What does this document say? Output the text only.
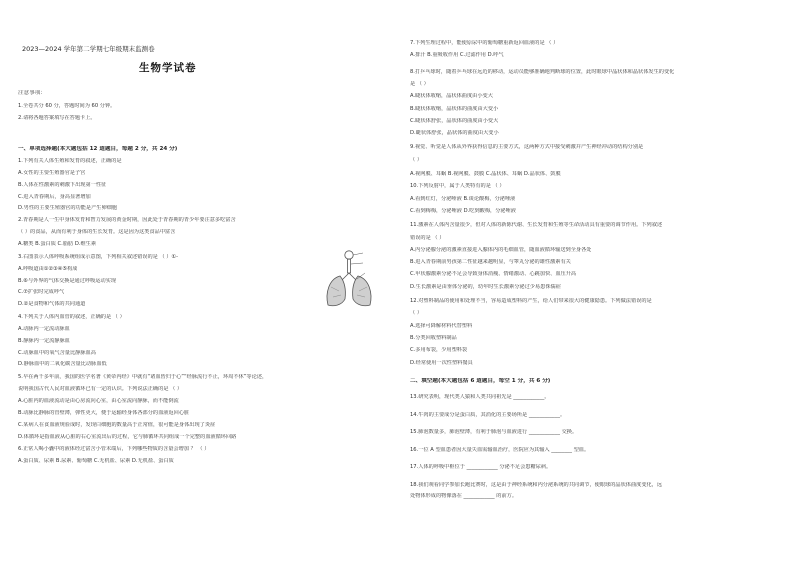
2023—2024 学年第二学期七年级期末监测卷
生物学试卷
注意事项：
1.全卷共分 60 分，答题时间为 60 分钟。
2.请将各题答案填写在答题卡上。
一、单项选择题(本大题包括 12 道题目，每题 2 分，共 24 分)
1.下列有关人体生殖和发育的叙述，正确的是
A.女性的主要生殖器官是子宫
B.人体在性激素的刺激下出现第一性征
C.进入青春期后，身高显著增加
D.男性的主要生殖器官的功能是产生卵细胞
2.青春期是人一生中身体发育和智力发展的黄金时期，因此处于青春期的青少年要注意多吃富含
（ ）的食品，从而有利于身体的生长发育。这是因为这类食品中富含
A.糖类 B.蛋白质 C.脂肪 D.维生素
3.右图表示人体呼吸系统组成示意图，下列相关叙述错误的是 （ ）①-
A.呼吸道由①②③④⑤构成
B.⑥与外界的气体交换是通过呼吸运动实现
C.⑦扩张时完成呼气
D.②是食物和气体的共同通道
4.下列关于人体内血管的叙述，正确的是 （ ）
A.动脉内一定流动脉血
B.静脉内一定流静脉血
C.动脉血中的氧气含量比静脉血高
D.静脉血中的二氧化碳含量比动脉血低
5.早在两千多年前，我国的医学名著《黄帝内经》中就有“诸血皆归于心”“经脉流行不止，环周不休”等论述，
说明我国古代人民对血液循环已有一定的认识。下列说法正确的是 （ ）
A.心脏内的血液流动是由心房流向心室，由心室流向静脉，而不能倒流
B.动脉比静脉的管壁薄，弹性更大，便于运输经身体各部分的血液返回心脏
C.某病人在食血液规验成时，发现白细胞的数量高于正常值，很可能是身体出现了炎症
D.体循环是指血液从心脏的右心室流出后的过程，它与肺循环共同组成一个完整的血液循环回路
6.正常人喝小囊中的液体经过富含小管末端后，下列哪些物质的含量会增加 ？ （ ）
A.蛋白质、尿素 B.尿素、葡萄糖 C.无机盐、尿素 D.无机盐、蛋白质
7.下列生理过程中，能使原尿中的葡萄糖重新返回血液的是 （ ）
A.排汗 B.重吸收作用 C.过滤作用 D.呼气
8.打乒乓球时，随着乒乓球在远近的移动，运动员能够准确地判断球的位置，此时眼球中晶状体和晶状体发生的变化
是 （ ）
A.睫状体收缩，晶状体曲度由小变大
B.睫状体收缩，晶状体的曲度由大变小
C.睫状体舒张，晶状体的曲度由小变大
D.睫状体舒张，晶状体的曲度由大变小
9.视觉、听觉是人体从外界获得信息的主要方式，这两种方式中接受刺激并产生神经冲动的结构分别是
（ ）
A.视网膜、耳蜗 B.视网膜、鼓膜 C.晶状体、耳蜗 D.晶状体、鼓膜
10.下列反射中，属于人类特有的是 （ ）
A.看到红灯，分泌唾液 B.谈论酸梅，分泌唾液
C.看到梅梅，分泌唾液 D.吃到酸梅，分泌唾液
11.激素在人体内含量很少，但对人体的新陈代谢、生长发育和生殖等生命活动具有重要的调节作用。下列叙述
错误的是 （ ）
A.内分泌腺分泌的激素直接进入腺体内的毛细血管，随血液循环输送到全身各处
B.进入青春期前男孩第二性征越来越明显，与睾丸分泌的雄性激素有关
C.甲状腺激素分泌不足会导致身体消瘦、情绪激动、心跳加快、血压升高
D.生长激素是由垂体分泌的，幼年时生长激素分泌过少易患侏儒症
12.对塑料制品的使用和处理不当，容易造成塑料的产生，给人们带来很大的健康隐患。下列做法错误的是
（ ）
A.选择可降解材料代替塑料
B.分类回收塑料制品
C.多用布袋，少用塑料袋
D.经常使用一次性塑料餐具
二、填空题(本大题包括 6 道题目，每空 1 分，共 6 分)
13.研究表明，现代类人猿和人类共同祖先是 ____________。
14.牛肉的主要成分是蛋白质，其消化的主要场所是 ____________。
15.肺泡数量多，肺泡壁薄，有利于肺泡与血液进行 ____________ 交换。
16.一位 A 型血患者因大量失血需输血治疗，医院应为其输入 ________ 型血。
17.人体的呼吸中枢位于 ____________ 分泌不足会患糖尿病。
18.我们观看同学参加长跑比赛时，这是由于神经系统和内分泌系统的共同调节，使眼球的晶状体曲度变化，远
处物体形成的物像落在 ____________ 的前方。
